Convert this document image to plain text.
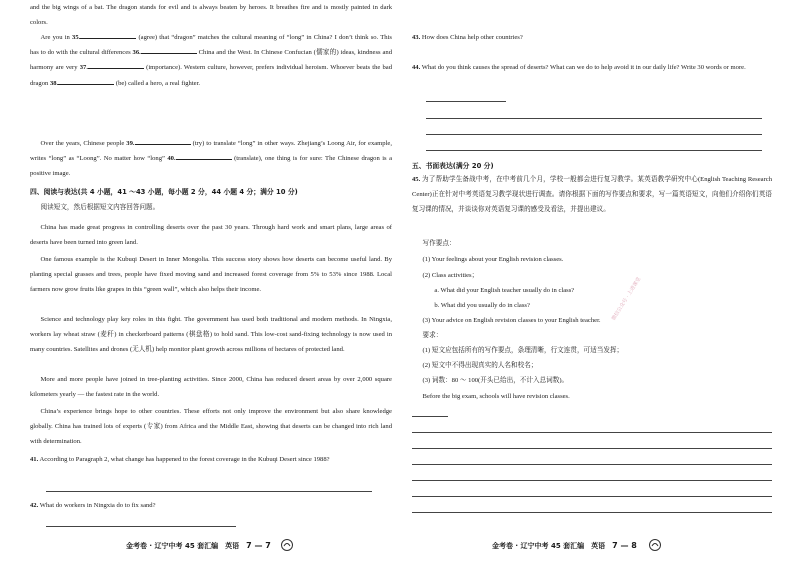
and the big wings of a bat. The dragon stands for evil and is always beaten by heroes. It breathes fire and is mostly painted in dark colors.
Are you in 35.	(agree) that “dragon” matches the cultural meaning of “long” in China? I don’t think so. This has to do with the cultural differences 36.	China and the West. In Chinese Confucian (儒家的) ideas, kindness and harmony are very 37.	(importance). Western culture, however, prefers individual heroism. Whoever beats the bad dragon 38.	(be) called a hero, a real fighter.
Over the years, Chinese people 39.	(try) to translate “long” in other ways. Zhejiang’s Loong Air, for example, writes “long” as “Loong”. No matter how “long” 40.	(translate), one thing is for sure: The Chinese dragon is a positive image.
四、阅读与表达(共 4 小题，41 ～43 小题，每小题 2 分，44 小题 4 分；满分 10 分)
阅读短文，然后根据短文内容回答问题。
China has made great progress in controlling deserts over the past 30 years. Through hard work and smart plans, large areas of deserts have been turned into green land.
One famous example is the Kubuqi Desert in Inner Mongolia. This success story shows how deserts can become useful land. By planting special grasses and trees, people have fixed moving sand and increased forest coverage from 5% to 53% since 1988. Local farmers now grow fruits like grapes in this “green wall”, which also helps their income.
Science and technology play key roles in this fight. The government has used both traditional and modern methods. In Ningxia, workers lay wheat straw (麦秆) in checkerboard patterns (棋盘格) to hold sand. This low-cost sand-fixing technology is now used in many countries. Satellites and drones (无人机) help monitor plant growth across millions of hectares of protected land.
More and more people have joined in tree-planting activities. Since 2000, China has reduced desert areas by over 2,000 square kilometers yearly — the fastest rate in the world.
China’s experience brings hope to other countries. These efforts not only improve the environment but also share knowledge globally. China has trained lots of experts (专家) from Africa and the Middle East, showing that deserts can be changed into rich land with determination.
41. According to Paragraph 2, what change has happened to the forest coverage in the Kubuqi Desert since 1988?
42. What do workers in Ningxia do to fix sand?
金考卷 · 辽宁中考 45 套汇编　英语　7 — 7
43. How does China help other countries?
44. What do you think causes the spread of deserts? What can we do to help avoid it in our daily life? Write 30 words or more.
五、书面表达(满分 20 分)
45. 为了帮助学生备战中考，在中考前几个月，学校一般都会进行复习教学。某英语教学研究中心(English Teaching Research Center)正在针对中考英语复习教学现状进行调查。请你根据下面的写作要点和要求，写一篇英语短文，向他们介绍你们英语复习课的情况，并谈谈你对英语复习课的感受及看法，并提出建议。
写作要点：
(1) Your feelings about your English revision classes.
(2) Class activities；
a. What did your English teacher usually do in class?
b. What did you usually do in class?
(3) Your advice on English revision classes to your English teacher.
要求：
(1) 短文应包括所有的写作要点，条理清晰，行文连贯，可适当发挥；
(2) 短文中不得出现真实的人名和校名；
(3) 词数：80 ～ 100(开头已给出，不计入总词数)。
Before the big exam, schools will have revision classes.
金考卷 · 辽宁中考 45 套汇编　英语　7 — 8
微信公众号 · 上进课堂
